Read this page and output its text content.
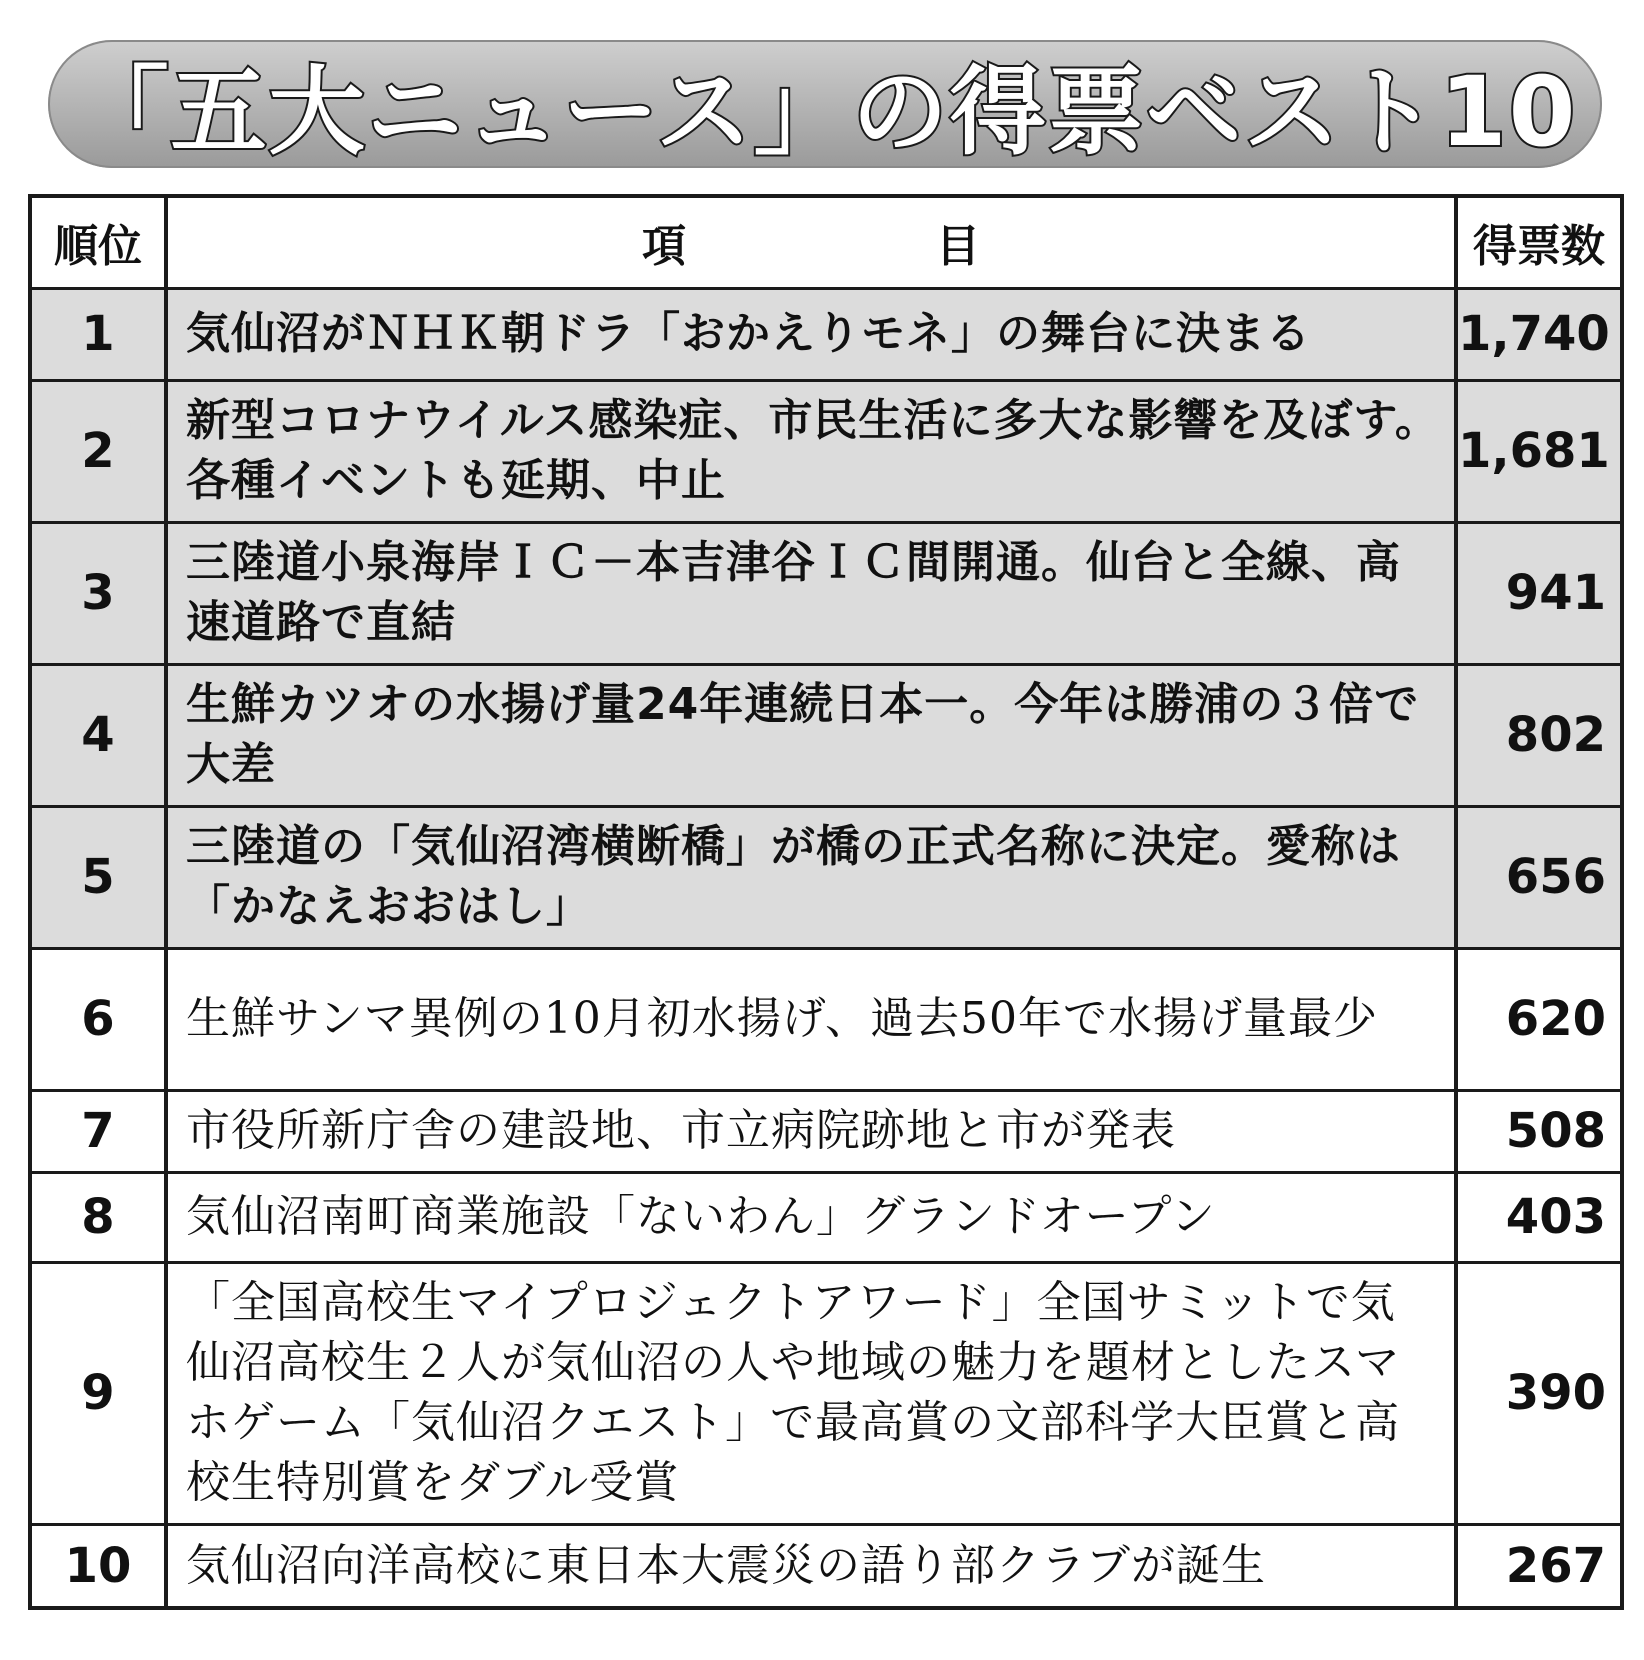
「五大ニュース」の得票ベスト10
順位	項 目	得票数
1	気仙沼がＮＨＫ朝ドラ「おかえりモネ」の舞台に決まる	1,740
2	新型コロナウイルス感染症、市民生活に多大な影響を及ぼす。各種イベントも延期、中止	1,681
3	三陸道小泉海岸ＩＣ－本吉津谷ＩＣ間開通。仙台と全線、高速道路で直結	941
4	生鮮カツオの水揚げ量24年連続日本一。今年は勝浦の３倍で大差	802
5	三陸道の「気仙沼湾横断橋」が橋の正式名称に決定。愛称は「かなえおおはし」	656
6	生鮮サンマ異例の10月初水揚げ、過去50年で水揚げ量最少	620
7	市役所新庁舎の建設地、市立病院跡地と市が発表	508
8	気仙沼南町商業施設「ないわん」グランドオープン	403
9	「全国高校生マイプロジェクトアワード」全国サミットで気仙沼高校生２人が気仙沼の人や地域の魅力を題材としたスマホゲーム「気仙沼クエスト」で最高賞の文部科学大臣賞と高校生特別賞をダブル受賞	390
10	気仙沼向洋高校に東日本大震災の語り部クラブが誕生	267
